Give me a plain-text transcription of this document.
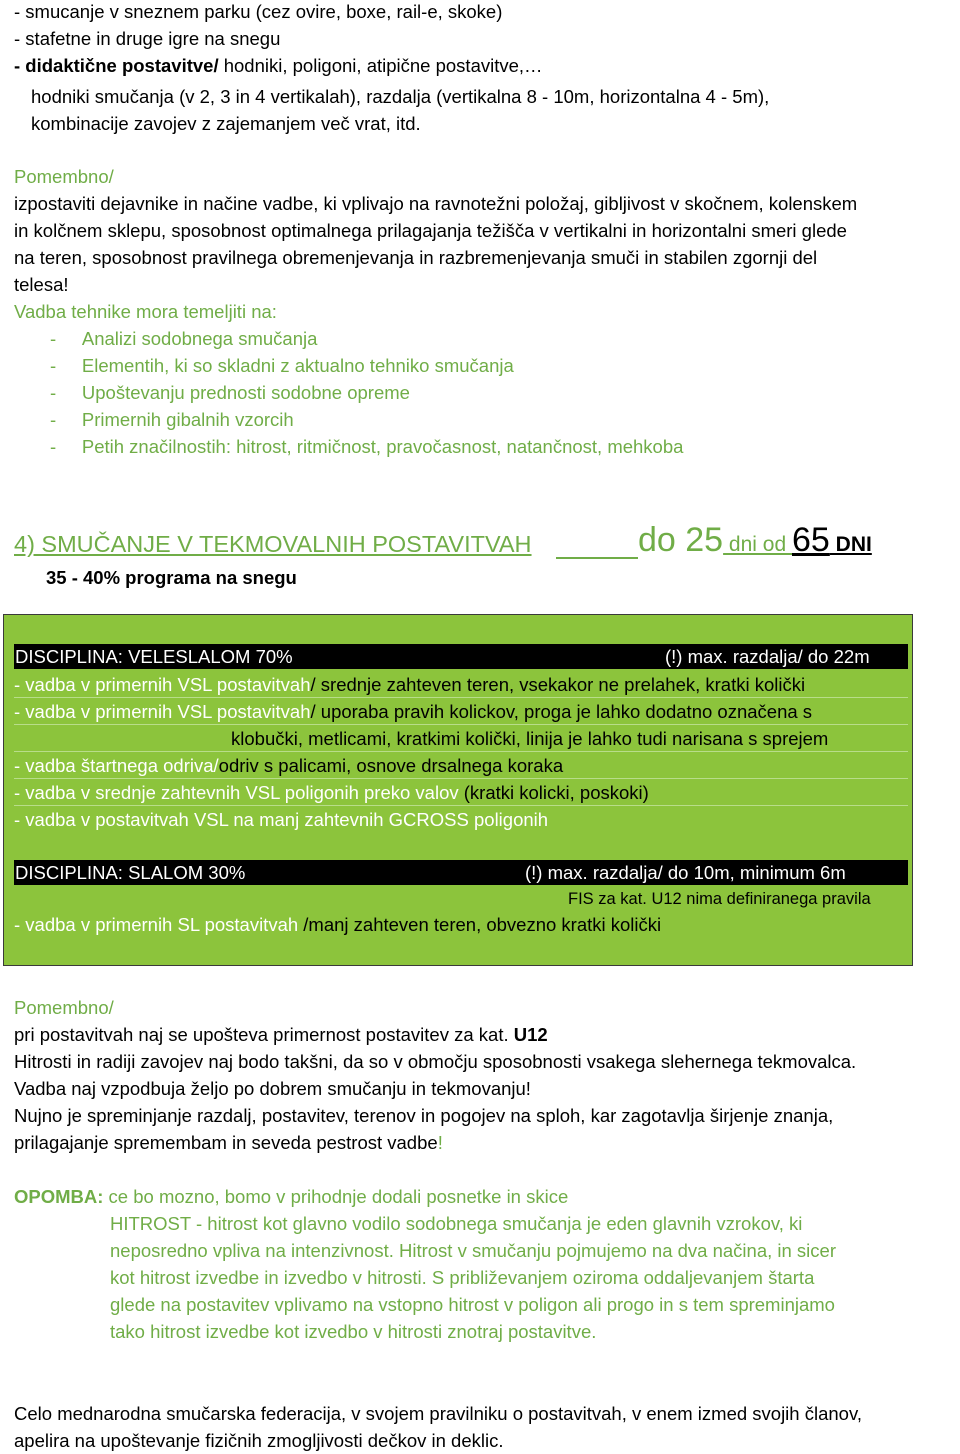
- smucanje v sneznem parku (cez ovire, boxe, rail-e, skoke)
- stafetne in druge igre na snegu
- didaktične postavitve/ hodniki, poligoni, atipične postavitve,…
hodniki smučanja (v 2, 3 in 4 vertikalah), razdalja (vertikalna 8 - 10m, horizontalna 4 - 5m),
kombinacije zavojev z zajemanjem več vrat, itd.
Pomembno/
izpostaviti dejavnike in načine vadbe, ki vplivajo na ravnotežni položaj, gibljivost v skočnem, kolenskem
in kolčnem sklepu, sposobnost optimalnega prilagajanja težišča v vertikalni in horizontalni smeri glede
na teren, sposobnost pravilnega obremenjevanja in razbremenjevanja smuči in stabilen zgornji del
telesa!
Vadba tehnike mora temeljiti na:
-     Analizi sodobnega smučanja
-     Elementih, ki so skladni z aktualno tehniko smučanja
-     Upoštevanju prednosti sodobne opreme
-     Primernih gibalnih vzorcih
-     Petih značilnostih: hitrost, ritmičnost, pravočasnost, natančnost, mehkoba
4) SMUČANJE V TEKMOVALNIH POSTAVITVAH	do 25 dni od 65 DNI
35 - 40% programa na snegu
DISCIPLINA: VELESLALOM 70%	(!) max. razdalja/ do 22m
- vadba v primernih VSL postavitvah/ srednje zahteven teren, vsekakor ne prelahek, kratki količki
- vadba v primernih VSL postavitvah/ uporaba pravih kolickov, proga je lahko dodatno označena s
klobučki, metlicami, kratkimi količki, linija je lahko tudi narisana s sprejem
- vadba štartnega odriva/odriv s palicami, osnove drsalnega koraka
- vadba v srednje zahtevnih VSL poligonih preko valov (kratki kolicki, poskoki)
- vadba v postavitvah VSL na manj zahtevnih GCROSS poligonih
DISCIPLINA: SLALOM 30%	(!) max. razdalja/ do 10m, minimum 6m
FIS za kat. U12 nima definiranega pravila
- vadba v primernih SL postavitvah /manj zahteven teren, obvezno kratki količki
Pomembno/
pri postavitvah naj se upošteva primernost postavitev za kat. U12
Hitrosti in radiji zavojev naj bodo takšni, da so v območju sposobnosti vsakega slehernega tekmovalca.
Vadba naj vzpodbuja željo po dobrem smučanju in tekmovanju!
Nujno je spreminjanje razdalj, postavitev, terenov in pogojev na sploh, kar zagotavlja širjenje znanja,
prilagajanje spremembam in seveda pestrost vadbe!
OPOMBA: ce bo mozno, bomo v prihodnje dodali posnetke in skice
HITROST - hitrost kot glavno vodilo sodobnega smučanja je eden glavnih vzrokov, ki
neposredno vpliva na intenzivnost. Hitrost v smučanju pojmujemo na dva načina, in sicer
kot hitrost izvedbe in izvedbo v hitrosti. S približevanjem oziroma oddaljevanjem štarta
glede na postavitev vplivamo na vstopno hitrost v poligon ali progo in s tem spreminjamo
tako hitrost izvedbe kot izvedbo v hitrosti znotraj postavitve.
Celo mednarodna smučarska federacija, v svojem pravilniku o postavitvah, v enem izmed svojih članov,
apelira na upoštevanje fizičnih zmogljivosti dečkov in deklic.
